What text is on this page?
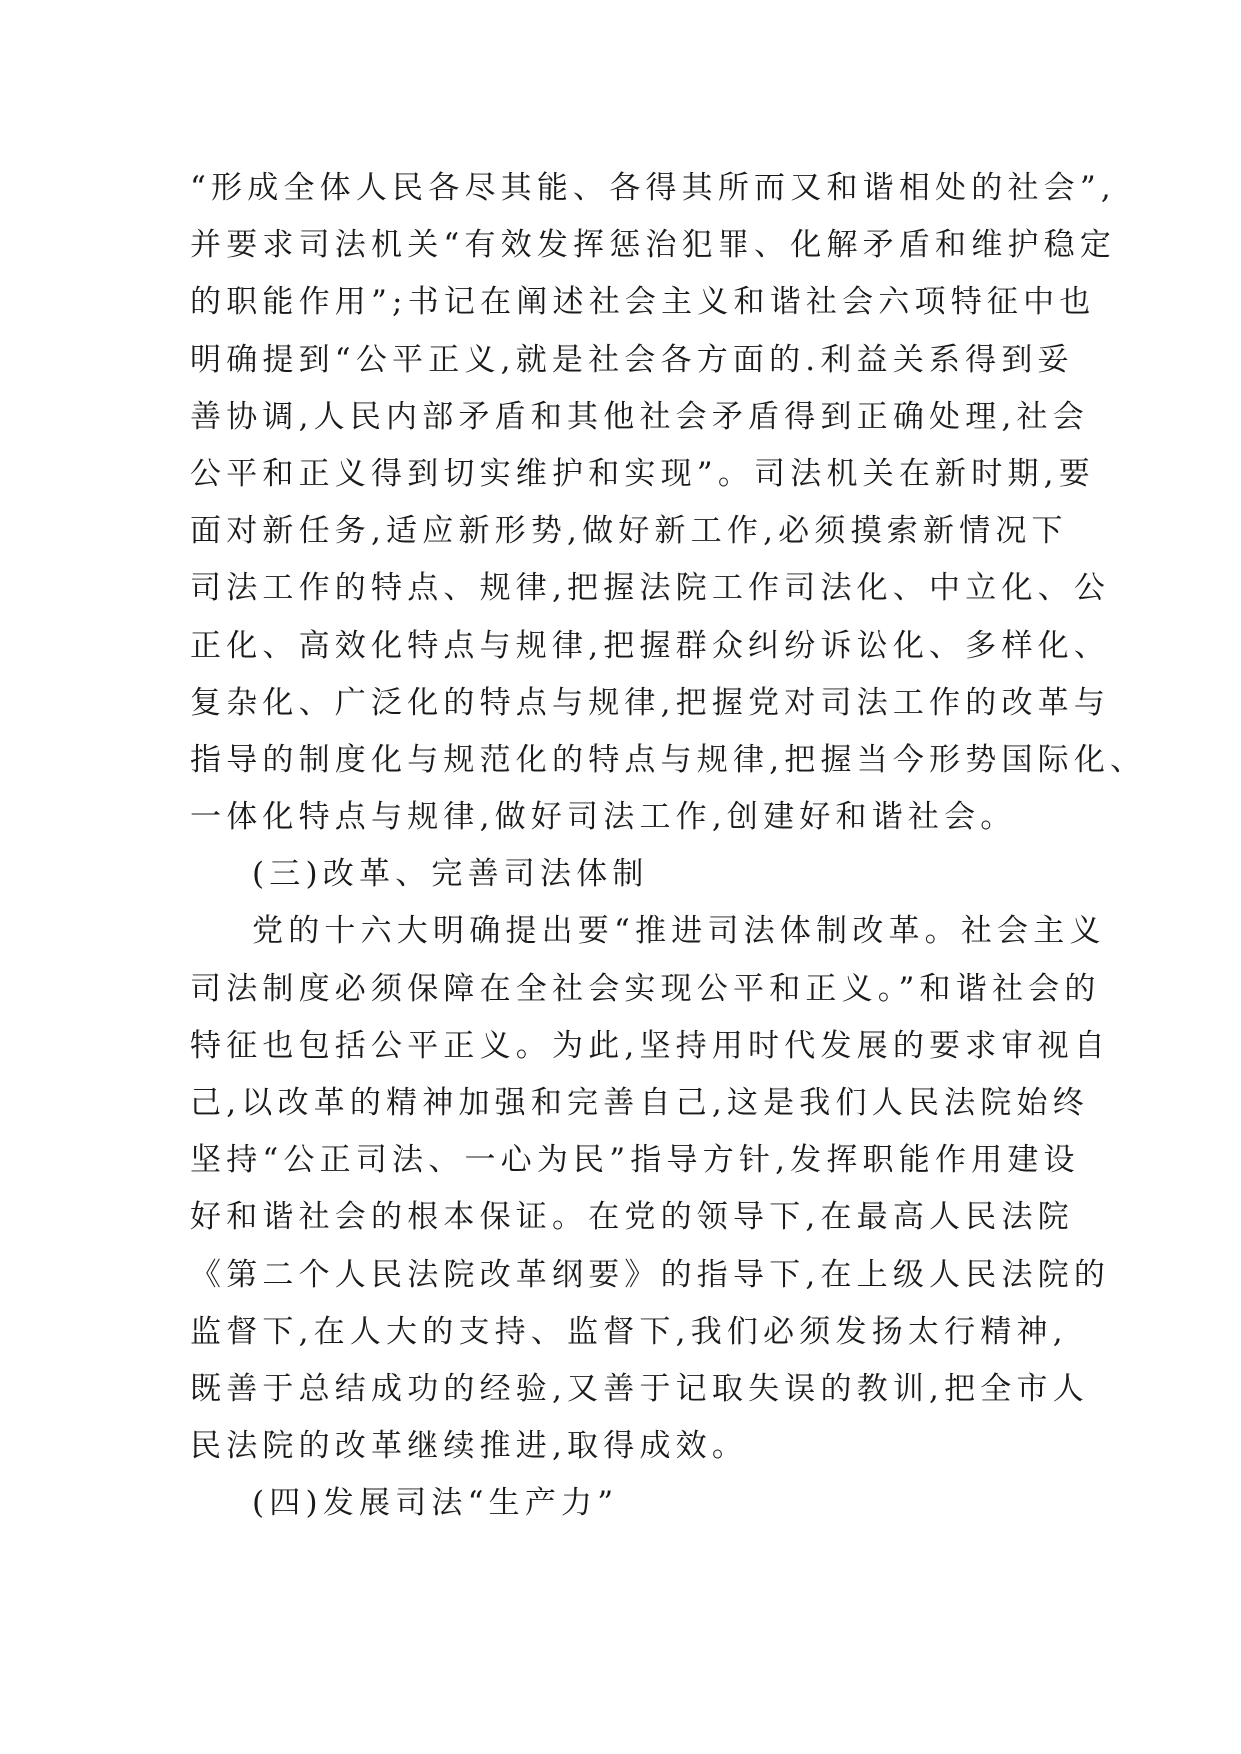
“形成全体人民各尽其能、各得其所而又和谐相处的社会”,
并要求司法机关“有效发挥惩治犯罪、化解矛盾和维护稳定
的职能作用”;书记在阐述社会主义和谐社会六项特征中也
明确提到“公平正义,就是社会各方面的.利益关系得到妥
善协调,人民内部矛盾和其他社会矛盾得到正确处理,社会
公平和正义得到切实维护和实现”。司法机关在新时期,要
面对新任务,适应新形势,做好新工作,必须摸索新情况下
司法工作的特点、规律,把握法院工作司法化、中立化、公
正化、高效化特点与规律,把握群众纠纷诉讼化、多样化、
复杂化、广泛化的特点与规律,把握党对司法工作的改革与
指导的制度化与规范化的特点与规律,把握当今形势国际化、
一体化特点与规律,做好司法工作,创建好和谐社会。
(三)改革、完善司法体制
党的十六大明确提出要“推进司法体制改革。社会主义
司法制度必须保障在全社会实现公平和正义。”和谐社会的
特征也包括公平正义。为此,坚持用时代发展的要求审视自
己,以改革的精神加强和完善自己,这是我们人民法院始终
坚持“公正司法、一心为民”指导方针,发挥职能作用建设
好和谐社会的根本保证。在党的领导下,在最高人民法院
《第二个人民法院改革纲要》的指导下,在上级人民法院的
监督下,在人大的支持、监督下,我们必须发扬太行精神,
既善于总结成功的经验,又善于记取失误的教训,把全市人
民法院的改革继续推进,取得成效。
(四)发展司法“生产力”
